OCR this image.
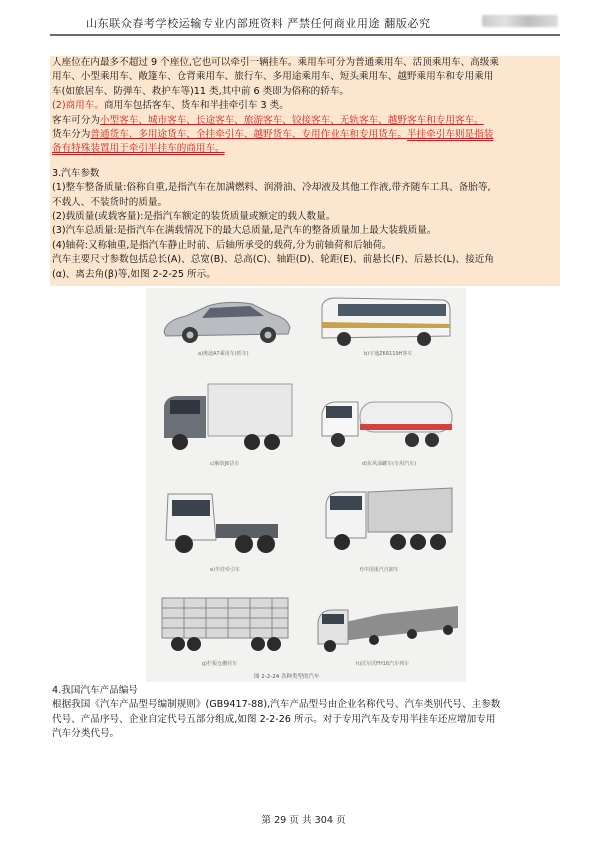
山东联众春考学校运输专业内部班资料 严禁任何商业用途 翻版必究

人座位在内最多不超过 9 个座位,它也可以牵引一辆挂车。乘用车可分为普通乘用车、活顶乘用车、高级乘

用车、小型乘用车、敞篷车、仓背乘用车、旅行车、多用途乘用车、短头乘用车、越野乘用车和专用乘用

车(如旅居车、防弹车、救护车等)11 类,其中前 6 类即为俗称的轿车。

(2)商用车。商用车包括客车、货车和半挂牵引车 3 类。

客车可分为小型客车、城市客车、长途客车、旅游客车、铰接客车、无轨客车、越野客车和专用客车。

货车分为普通货车、多用途货车、全挂牵引车、越野货车、专用作业车和专用货车。半挂牵引车则是指装

备有特殊装置用于牵引半挂车的商用车。

3.汽车参数

(1)整车整备质量:俗称自重,是指汽车在加满燃料、润滑油、冷却液及其他工作液,带齐随车工具、备胎等,

不载人、不装货时的质量。

(2)载质量(或载客量):是指汽车额定的装货质量或额定的载人数量。

(3)汽车总质量:是指汽车在满载情况下的最大总质量,是汽车的整备质量加上最大装载质量。

(4)轴荷:又称轴重,是指汽车静止时前、后轴所承受的载荷,分为前轴荷和后轴荷。

汽车主要尺寸参数包括总长(A)、总宽(B)、总高(C)、轴距(D)、轮距(E)、前悬长(F)、后悬长(L)、接近角

(α)、离去角(β)等,如图 2-2-25 所示。

a)奥迪A7乘用车(轿车)	b)宇通ZK6119H客车
c)解放J6货车	d)东风油罐车(专用汽车)
e)半挂牵引车	f)中国重汽自卸车
g)栏板仓栅挂车	h)沃尔沃FH16汽车列车
图 2-2-24 各种类型的汽车

4.我国汽车产品编号

根据我国《汽车产品型号编制规则》(GB9417-88),汽车产品型号由企业名称代号、汽车类别代号、主参数

代号、产品序号、企业自定代号五部分组成,如图 2-2-26 所示。对于专用汽车及专用半挂车还应增加专用

汽车分类代号。

第 29 页 共 304 页
